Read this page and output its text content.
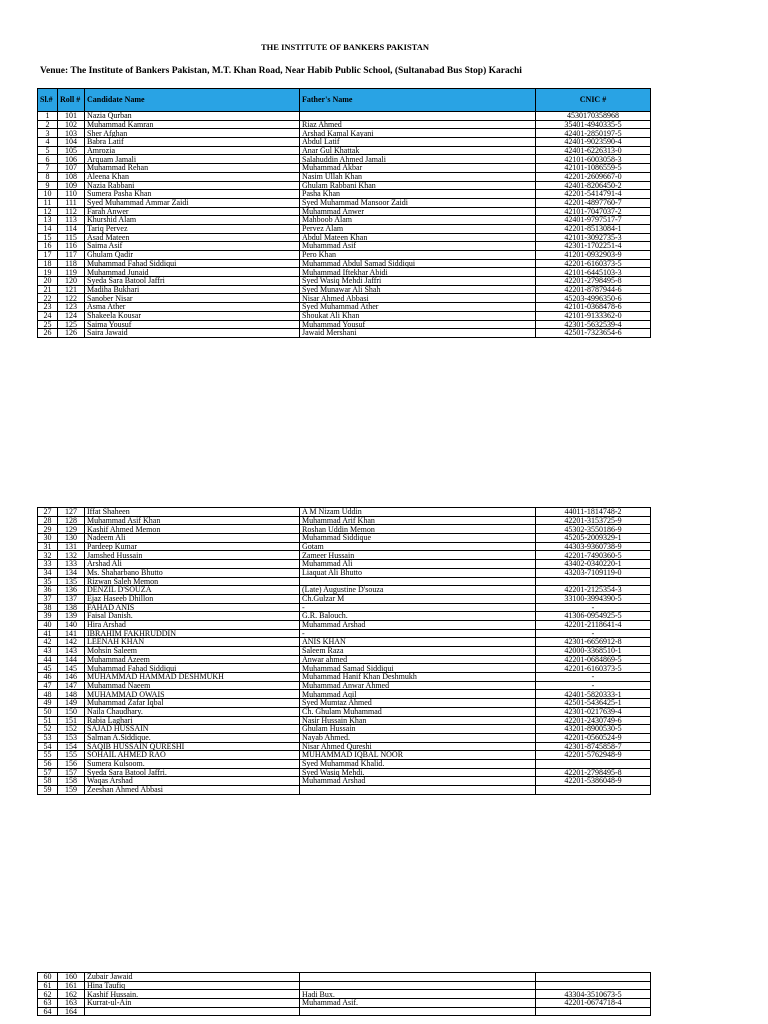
THE INSTITUTE OF BANKERS PAKISTAN
Venue: The Institute of Bankers Pakistan, M.T. Khan Road, Near Habib Public School, (Sultanabad Bus Stop) Karachi
Sl.#	Roll #	Candidate Name	Father's Name	CNIC #
1	101	Nazia Qurban		4530170358968
2	102	Muhammad Kamran	Riaz Ahmed	35401-4940335-5
3	103	Sher Afghan	Arshad Kamal Kayani	42401-2850197-5
4	104	Babra Latif	Abdul Latif	42401-9023590-4
5	105	Amrozia	Anar Gul Khattak	42401-6226313-0
6	106	Arquam Jamali	Salahuddin Ahmed Jamali	42101-6003058-3
7	107	Muhammad Rehan	Muhammad Akbar	42101-1086559-5
8	108	Aleena Khan	Nasim Ullah Khan	42201-2609667-0
9	109	Nazia Rabbani	Ghulam Rabbani Khan	42401-8206450-2
10	110	Sumera Pasha Khan	Pasha Khan	42201-5414791-4
11	111	Syed Muhammad Ammar Zaidi	Syed Muhammad Mansoor Zaidi	42201-4897760-7
12	112	Farah Anwer	Muhammad Anwer	42101-7047037-2
13	113	Khurshid Alam	Mahboob Alam	42401-9797517-7
14	114	Tariq Pervez	Pervez Alam	42201-8513084-1
15	115	Asad Mateen	Abdul Mateen Khan	42101-3092735-3
16	116	Saima Asif	Muhammad Asif	42301-1702251-4
17	117	Ghulam Qadir	Pero Khan	41201-0932903-9
18	118	Muhammad Fahad Siddiqui	Muhammad Abdul Samad Siddiqui	42201-6160373-5
19	119	Muhammad Junaid	Muhammad Iftekhar Abidi	42101-6445103-3
20	120	Syeda Sara Batool Jaffri	Syed Wasiq Mehdi Jaffri	42201-2798495-8
21	121	Madiha Bukhari	Syed Munawar Ali Shah	42201-8787944-6
22	122	Sanober Nisar	Nisar Ahmed Abbasi	45203-4996350-6
23	123	Asma Ather	Syed Muhammad Ather	42101-0368478-6
24	124	Shakeela Kousar	Shoukat Ali Khan	42101-9133362-0
25	125	Saima Yousuf	Muhammad Yousuf	42301-5632539-4
26	126	Saira Jawaid	Jawaid Mershani	42501-7323654-6
27	127	Iffat Shaheen	A M Nizam Uddin	44011-1814748-2
28	128	Muhammad Asif Khan	Muhammad Arif Khan	42201-3153725-9
29	129	Kashif Ahmed Memon	Roshan Uddin Memon	45302-3550186-9
30	130	Nadeem Ali	Muhammad Siddique	45205-2009329-1
31	131	Pardeep Kumar	Gotam	44303-9360738-9
32	132	Jamshed Hussain	Zameer Hussain	42201-7490360-5
33	133	Arshad Ali	Muhammad Ali	43402-0340220-1
34	134	Ms. Shaharbano Bhutto	Liaquat Ali Bhutto	43203-7109119-0
35	135	Rizwan Saleh Memon		
36	136	DENZIL D'SOUZA	(Late) Augustine D'souza	42201-2125354-3
37	137	Ejaz Haseeb Dhillon	Ch.Gulzar M	33100-3994390-5
38	138	FAHAD ANIS	-	-
39	139	Faisal Danish.	G.R. Balouch.	41306-0954925-5
40	140	Hira Arshad	Muhammad Arshad	42201-2118641-4
41	141	IBRAHIM FAKHRUDDIN	-	-
42	142	LEENAH KHAN	ANIS KHAN	42301-6656912-8
43	143	Mohsin Saleem	Saleem Raza	42000-3368510-1
44	144	Muhammad Azeem	Anwar ahmed	42201-0684869-5
45	145	Muhammad Fahad Siddiqui	Muhammad Samad Siddiqui	42201-6160373-5
46	146	MUHAMMAD HAMMAD DESHMUKH	Muhammad Hanif Khan Deshmukh	-
47	147	Muhammad Naeem	Muhammad Anwar Ahmed	-
48	148	MUHAMMAD OWAIS	Muhammad Aqil	42401-5820333-1
49	149	Muhammad Zafar Iqbal	Syed Mumtaz Ahmed	42501-5436425-1
50	150	Naila Chaudhary.	Ch. Ghulam Muhammad	42301-0217639-4
51	151	Rabia Laghari	Nasir Hussain Khan	42201-2430749-6
52	152	SAJAD HUSSAIN	Ghulam Hussain	43201-8900530-5
53	153	Salman A.Siddique.	Nayab Ahmed.	42201-0560524-9
54	154	SAQIB HUSSAIN QURESHI	Nisar Ahmed Qureshi	42301-8745858-7
55	155	SOHAIL AHMED RAO	MUHAMMAD IQBAL NOOR	42201-5762948-9
56	156	Sumera Kulsoom.	Syed Muhammad Khalid.	
57	157	Syeda Sara Batool Jaffri.	Syed Wasiq Mehdi.	42201-2798495-8
58	158	Waqas Arshad	Muhammad Arshad	42201-5386048-9
59	159	Zeeshan Ahmed Abbasi		
60	160	Zubair Jawaid		
61	161	Hina Taufiq		
62	162	Kashif Hussain.	Hadi Bux.	43304-3510673-5
63	163	Kurrat-ul-Ain	Muhammad Asif.	42201-0674718-4
64	164			
